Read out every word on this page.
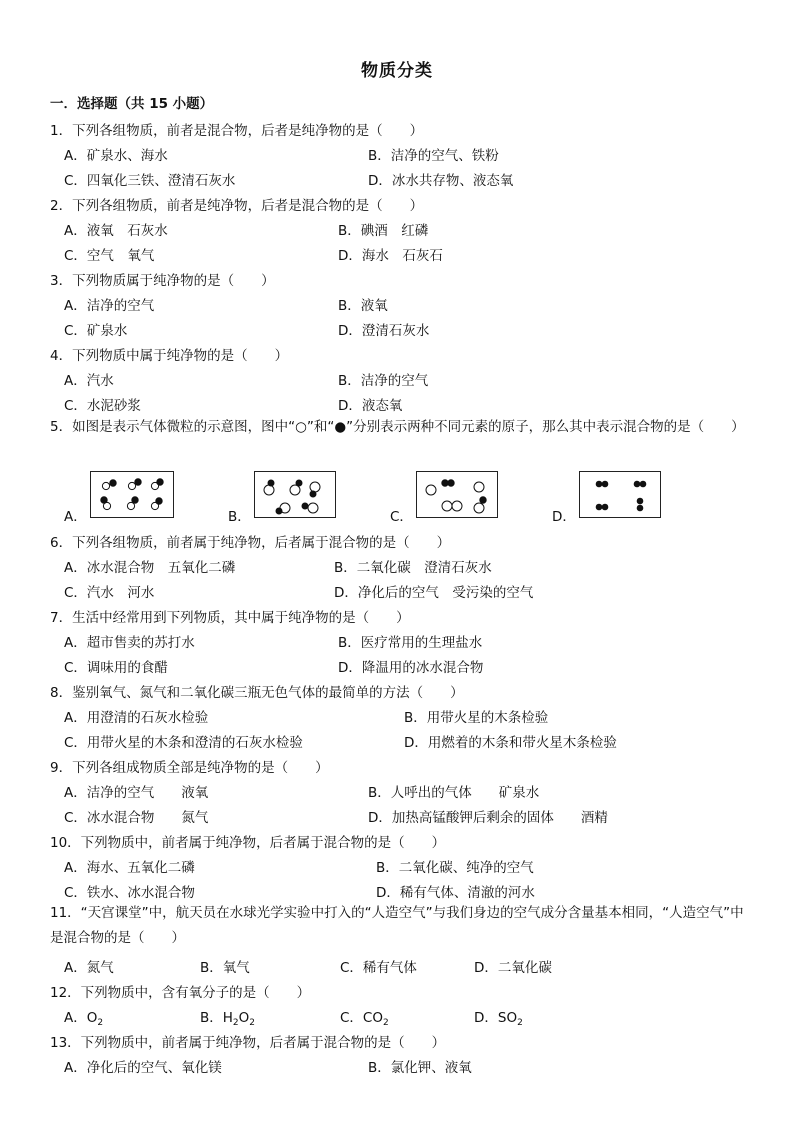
物质分类
一．选择题（共 15 小题）
1．下列各组物质，前者是混合物，后者是纯净物的是（　　）
A．矿泉水、海水	B．洁净的空气、铁粉
C．四氧化三铁、澄清石灰水	D．冰水共存物、液态氧
2．下列各组物质，前者是纯净物，后者是混合物的是（　　）
A．液氧　石灰水	B．碘酒　红磷
C．空气　氧气	D．海水　石灰石
3．下列物质属于纯净物的是（　　）
A．洁净的空气	B．液氧
C．矿泉水	D．澄清石灰水
4．下列物质中属于纯净物的是（　　）
A．汽水	B．洁净的空气
C．水泥砂浆	D．液态氧
5．如图是表示气体微粒的示意图，图中“○”和“●”分别表示两种不同元素的原子，那么其中表示混合物的是（　　）
A．	B．	C．	D．
6．下列各组物质，前者属于纯净物，后者属于混合物的是（　　）
A．冰水混合物　五氧化二磷	B．二氧化碳　澄清石灰水
C．汽水　河水	D．净化后的空气　受污染的空气
7．生活中经常用到下列物质，其中属于纯净物的是（　　）
A．超市售卖的苏打水	B．医疗常用的生理盐水
C．调味用的食醋	D．降温用的冰水混合物
8．鉴别氧气、氮气和二氧化碳三瓶无色气体的最简单的方法（　　）
A．用澄清的石灰水检验	B．用带火星的木条检验
C．用带火星的木条和澄清的石灰水检验	D．用燃着的木条和带火星木条检验
9．下列各组成物质全部是纯净物的是（　　）
A．洁净的空气　　液氧	B．人呼出的气体　　矿泉水
C．冰水混合物　　氮气	D．加热高锰酸钾后剩余的固体　　酒精
10．下列物质中，前者属于纯净物，后者属于混合物的是（　　）
A．海水、五氧化二磷	B．二氧化碳、纯净的空气
C．铁水、冰水混合物	D．稀有气体、清澈的河水
11．“天宫课堂”中，航天员在水球光学实验中打入的“人造空气”与我们身边的空气成分含量基本相同，“人造空气”中是混合物的是（　　）
A．氮气	B．氧气	C．稀有气体	D．二氧化碳
12．下列物质中，含有氧分子的是（　　）
A．$O_2$	B．$H_2O_2$	C．$CO_2$	D．$SO_2$
13．下列物质中，前者属于纯净物，后者属于混合物的是（　　）
A．净化后的空气、氧化镁	B．氯化钾、液氧
